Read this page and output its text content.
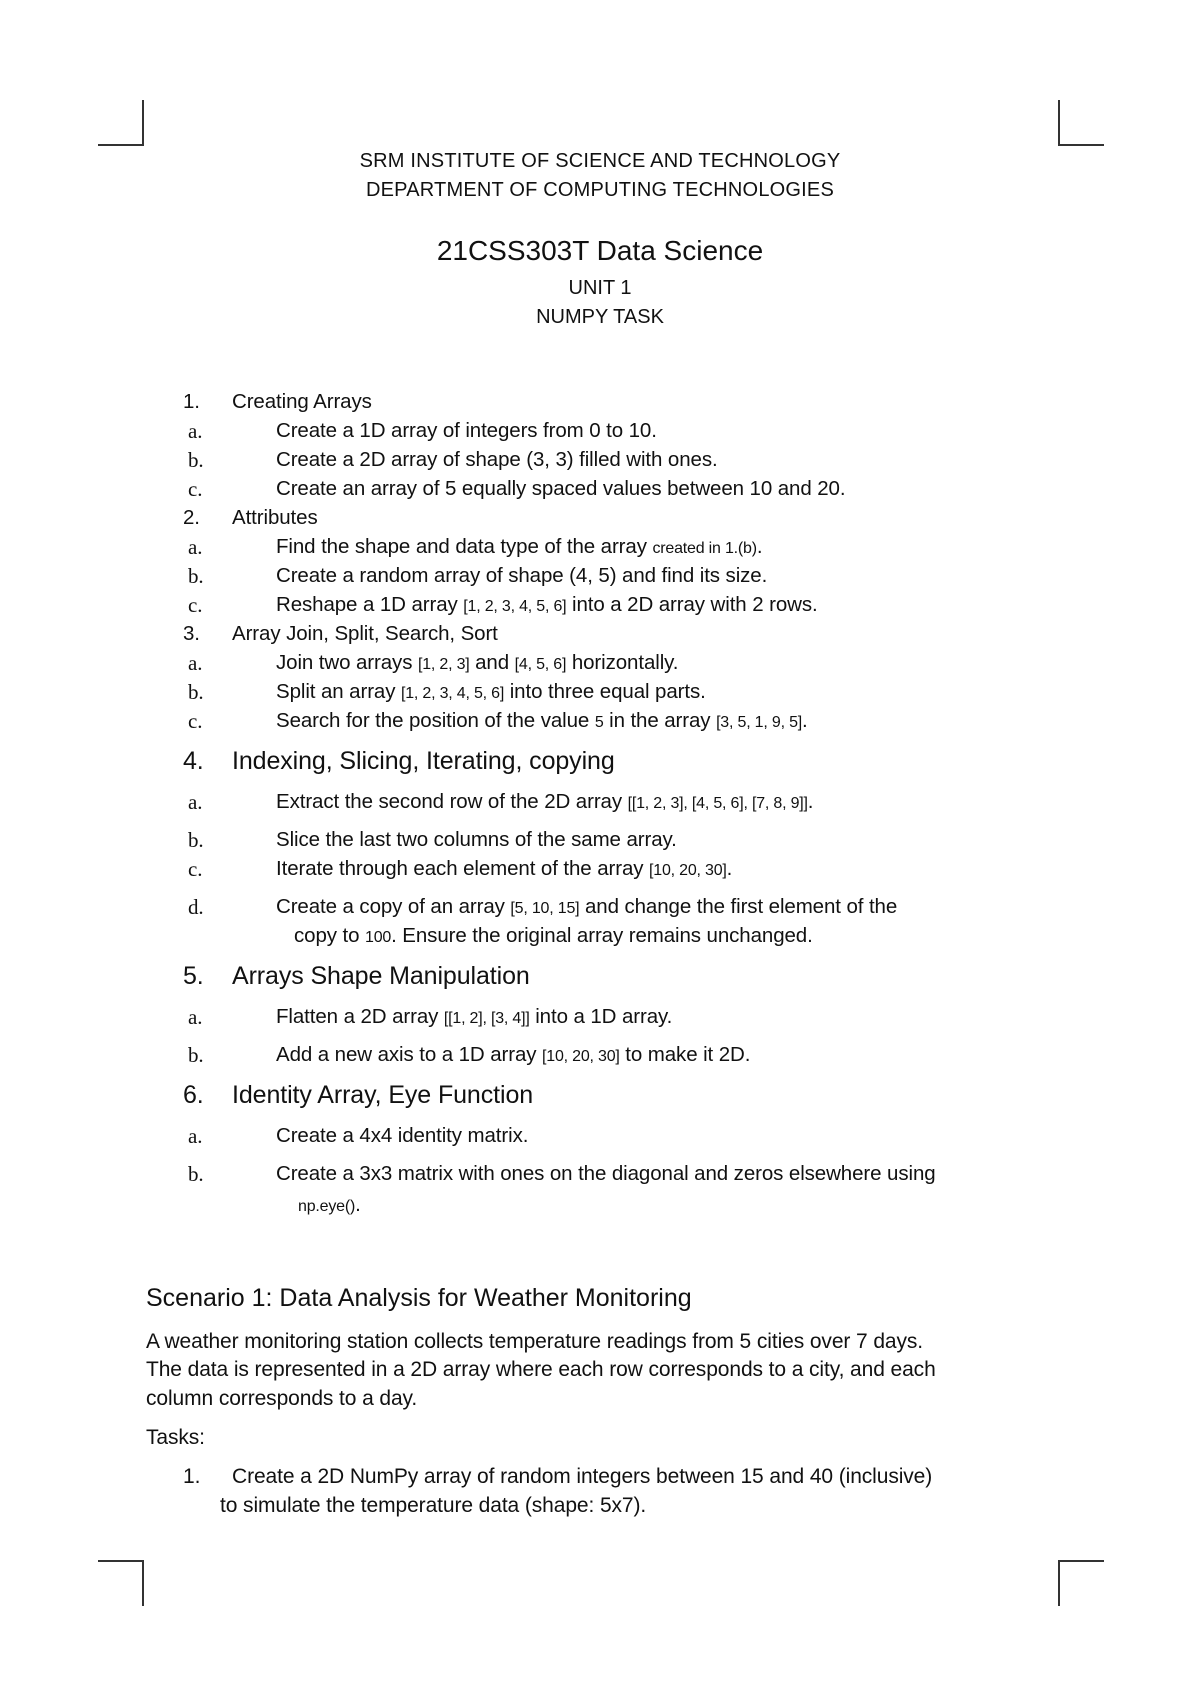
SRM INSTITUTE OF SCIENCE AND TECHNOLOGY
DEPARTMENT OF COMPUTING TECHNOLOGIES
21CSS303T Data Science
UNIT 1
NUMPY TASK
1. Creating Arrays
a.	Create a 1D array of integers from 0 to 10.
b.	Create a 2D array of shape (3, 3) filled with ones.
c.	Create an array of 5 equally spaced values between 10 and 20.
2. Attributes
a.	Find the shape and data type of the array created in 1.(b).
b.	Create a random array of shape (4, 5) and find its size.
c.	Reshape a 1D array [1, 2, 3, 4, 5, 6] into a 2D array with 2 rows.
3. Array Join, Split, Search, Sort
a.	Join two arrays [1, 2, 3] and [4, 5, 6] horizontally.
b.	Split an array [1, 2, 3, 4, 5, 6] into three equal parts.
c.	Search for the position of the value 5 in the array [3, 5, 1, 9, 5].
4. Indexing, Slicing, Iterating, copying
a.	Extract the second row of the 2D array [[1, 2, 3], [4, 5, 6], [7, 8, 9]].
b.	Slice the last two columns of the same array.
c.	Iterate through each element of the array [10, 20, 30].
d.	Create a copy of an array [5, 10, 15] and change the first element of the
copy to 100. Ensure the original array remains unchanged.
5. Arrays Shape Manipulation
a.	Flatten a 2D array [[1, 2], [3, 4]] into a 1D array.
b.	Add a new axis to a 1D array [10, 20, 30] to make it 2D.
6. Identity Array, Eye Function
a.	Create a 4x4 identity matrix.
b.	Create a 3x3 matrix with ones on the diagonal and zeros elsewhere using
np.eye().
Scenario 1: Data Analysis for Weather Monitoring
A weather monitoring station collects temperature readings from 5 cities over 7 days.
The data is represented in a 2D array where each row corresponds to a city, and each
column corresponds to a day.
Tasks:
1. Create a 2D NumPy array of random integers between 15 and 40 (inclusive)
to simulate the temperature data (shape: 5x7).
